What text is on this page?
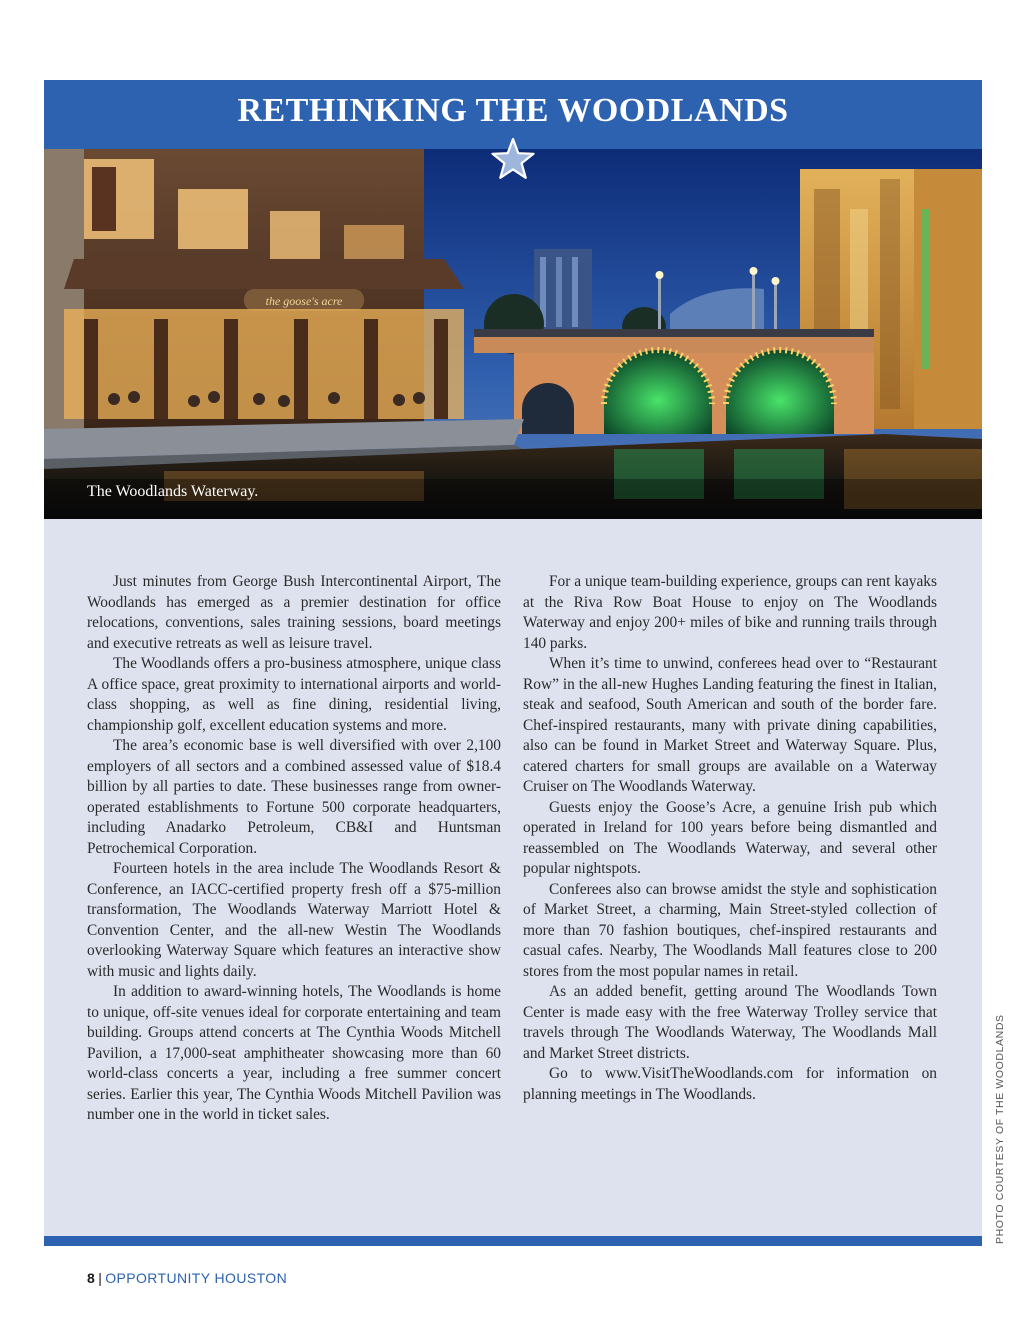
the goose's acre
RETHINKING THE WOODLANDS
The Woodlands Waterway.

Just minutes from George Bush Intercontinental Airport, The Woodlands has emerged as a premier destination for office relocations, conventions, sales training sessions, board meetings and executive retreats as well as leisure travel.

The Woodlands offers a pro-business atmosphere, unique class A office space, great proximity to international airports and world-class shopping, as well as fine dining, residential living, championship golf, excellent education systems and more.

The area’s economic base is well diversified with over 2,100 employers of all sectors and a combined assessed value of $18.4 billion by all parties to date. These businesses range from owner-operated establishments to Fortune 500 corporate headquarters, including Anadarko Petroleum, CB&I and Huntsman Petrochemical Corporation.

Fourteen hotels in the area include The Woodlands Resort & Conference, an IACC-certified property fresh off a $75-million transformation, The Woodlands Waterway Marriott Hotel & Convention Center, and the all-new Westin The Woodlands overlooking Waterway Square which features an interactive show with music and lights daily.

In addition to award-winning hotels, The Woodlands is home to unique, off-site venues ideal for corporate entertaining and team building. Groups attend concerts at The Cynthia Woods Mitchell Pavilion, a 17,000-seat amphitheater showcasing more than 60 world-class concerts a year, including a free summer concert series. Earlier this year, The Cynthia Woods Mitchell Pavilion was number one in the world in ticket sales.

For a unique team-building experience, groups can rent kayaks at the Riva Row Boat House to enjoy on The Woodlands Waterway and enjoy 200+ miles of bike and running trails through 140 parks.

When it’s time to unwind, conferees head over to “Restaurant Row” in the all-new Hughes Landing featuring the finest in Italian, steak and seafood, South American and south of the border fare. Chef-inspired restaurants, many with private dining capabilities, also can be found in Market Street and Waterway Square. Plus, catered charters for small groups are available on a Waterway Cruiser on The Woodlands Waterway.

Guests enjoy the Goose’s Acre, a genuine Irish pub which operated in Ireland for 100 years before being dismantled and reassembled on The Woodlands Waterway, and several other popular nightspots.

Conferees also can browse amidst the style and sophistication of Market Street, a charming, Main Street-styled collection of more than 70 fashion boutiques, chef-inspired restaurants and casual cafes. Nearby, The Woodlands Mall features close to 200 stores from the most popular names in retail.

As an added benefit, getting around The Woodlands Town Center is made easy with the free Waterway Trolley service that travels through The Woodlands Waterway, The Woodlands Mall and Market Street districts.

Go to www.VisitTheWoodlands.com for information on planning meetings in The Woodlands.	PHOTO COURTESY OF THE WOODLANDS
8 | OPPORTUNITY HOUSTON
